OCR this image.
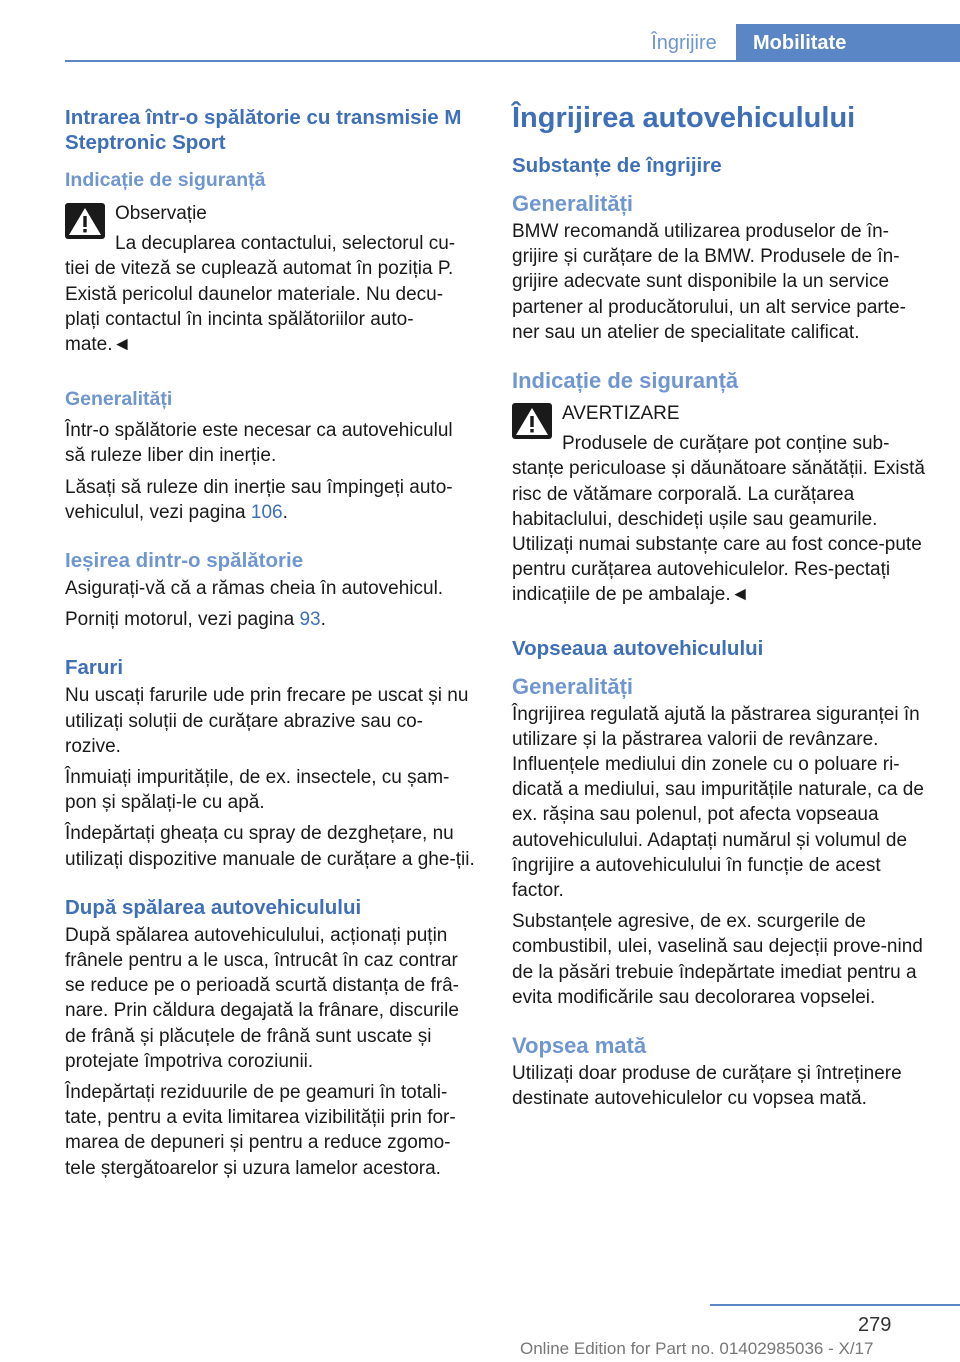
Îngrijire	Mobilitate
Intrarea într-o spălătorie cu transmisie M Steptronic Sport
Indicație de siguranță

Observație

La decuplarea contactului, selectorul cu-tiei de viteză se cuplează automat în poziția P. Există pericolul daunelor materiale. Nu decu-plați contactul în incinta spălătoriilor auto-mate.◄

Generalități

Într-o spălătorie este necesar ca autovehiculul să ruleze liber din inerție.

Lăsați să ruleze din inerție sau împingeți auto-vehiculul, vezi pagina 106.

Ieșirea dintr-o spălătorie

Asigurați-vă că a rămas cheia în autovehicul.

Porniți motorul, vezi pagina 93.

Faruri

Nu uscați farurile ude prin frecare pe uscat și nu utilizați soluții de curățare abrazive sau co-rozive.

Înmuiați impuritățile, de ex. insectele, cu șam-pon și spălați-le cu apă.

Îndepărtați gheața cu spray de dezghețare, nu utilizați dispozitive manuale de curățare a ghe-ții.

După spălarea autovehiculului

După spălarea autovehiculului, acționați puțin frânele pentru a le usca, întrucât în caz contrar se reduce pe o perioadă scurtă distanța de frâ-nare. Prin căldura degajată la frânare, discurile de frână și plăcuțele de frână sunt uscate și protejate împotriva coroziunii.

Îndepărtați reziduurile de pe geamuri în totali-tate, pentru a evita limitarea vizibilității prin for-marea de depuneri și pentru a reduce zgomo-tele ștergătoarelor și uzura lamelor acestora.

Îngrijirea autovehiculului
Substanțe de îngrijire
Generalități

BMW recomandă utilizarea produselor de în-grijire și curățare de la BMW. Produsele de în-grijire adecvate sunt disponibile la un service partener al producătorului, un alt service parte-ner sau un atelier de specialitate calificat.

Indicație de siguranță

AVERTIZARE

Produsele de curățare pot conține sub-stanțe periculoase și dăunătoare sănătății. Există risc de vătămare corporală. La curățarea habitaclului, deschideți ușile sau geamurile. Utilizați numai substanțe care au fost conce-pute pentru curățarea autovehiculelor. Res-pectați indicațiile de pe ambalaje.◄

Vopseaua autovehiculului
Generalități

Îngrijirea regulată ajută la păstrarea siguranței în utilizare și la păstrarea valorii de revânzare. Influențele mediului din zonele cu o poluare ri-dicată a mediului, sau impuritățile naturale, ca de ex. rășina sau polenul, pot afecta vopseaua autovehiculului. Adaptați numărul și volumul de îngrijire a autovehiculului în funcție de acest factor.

Substanțele agresive, de ex. scurgerile de combustibil, ulei, vaselină sau dejecții prove-nind de la păsări trebuie îndepărtate imediat pentru a evita modificările sau decolorarea vopselei.

Vopsea mată

Utilizați doar produse de curățare și întreținere destinate autovehiculelor cu vopsea mată.

279
Online Edition for Part no. 01402985036 - X/17
